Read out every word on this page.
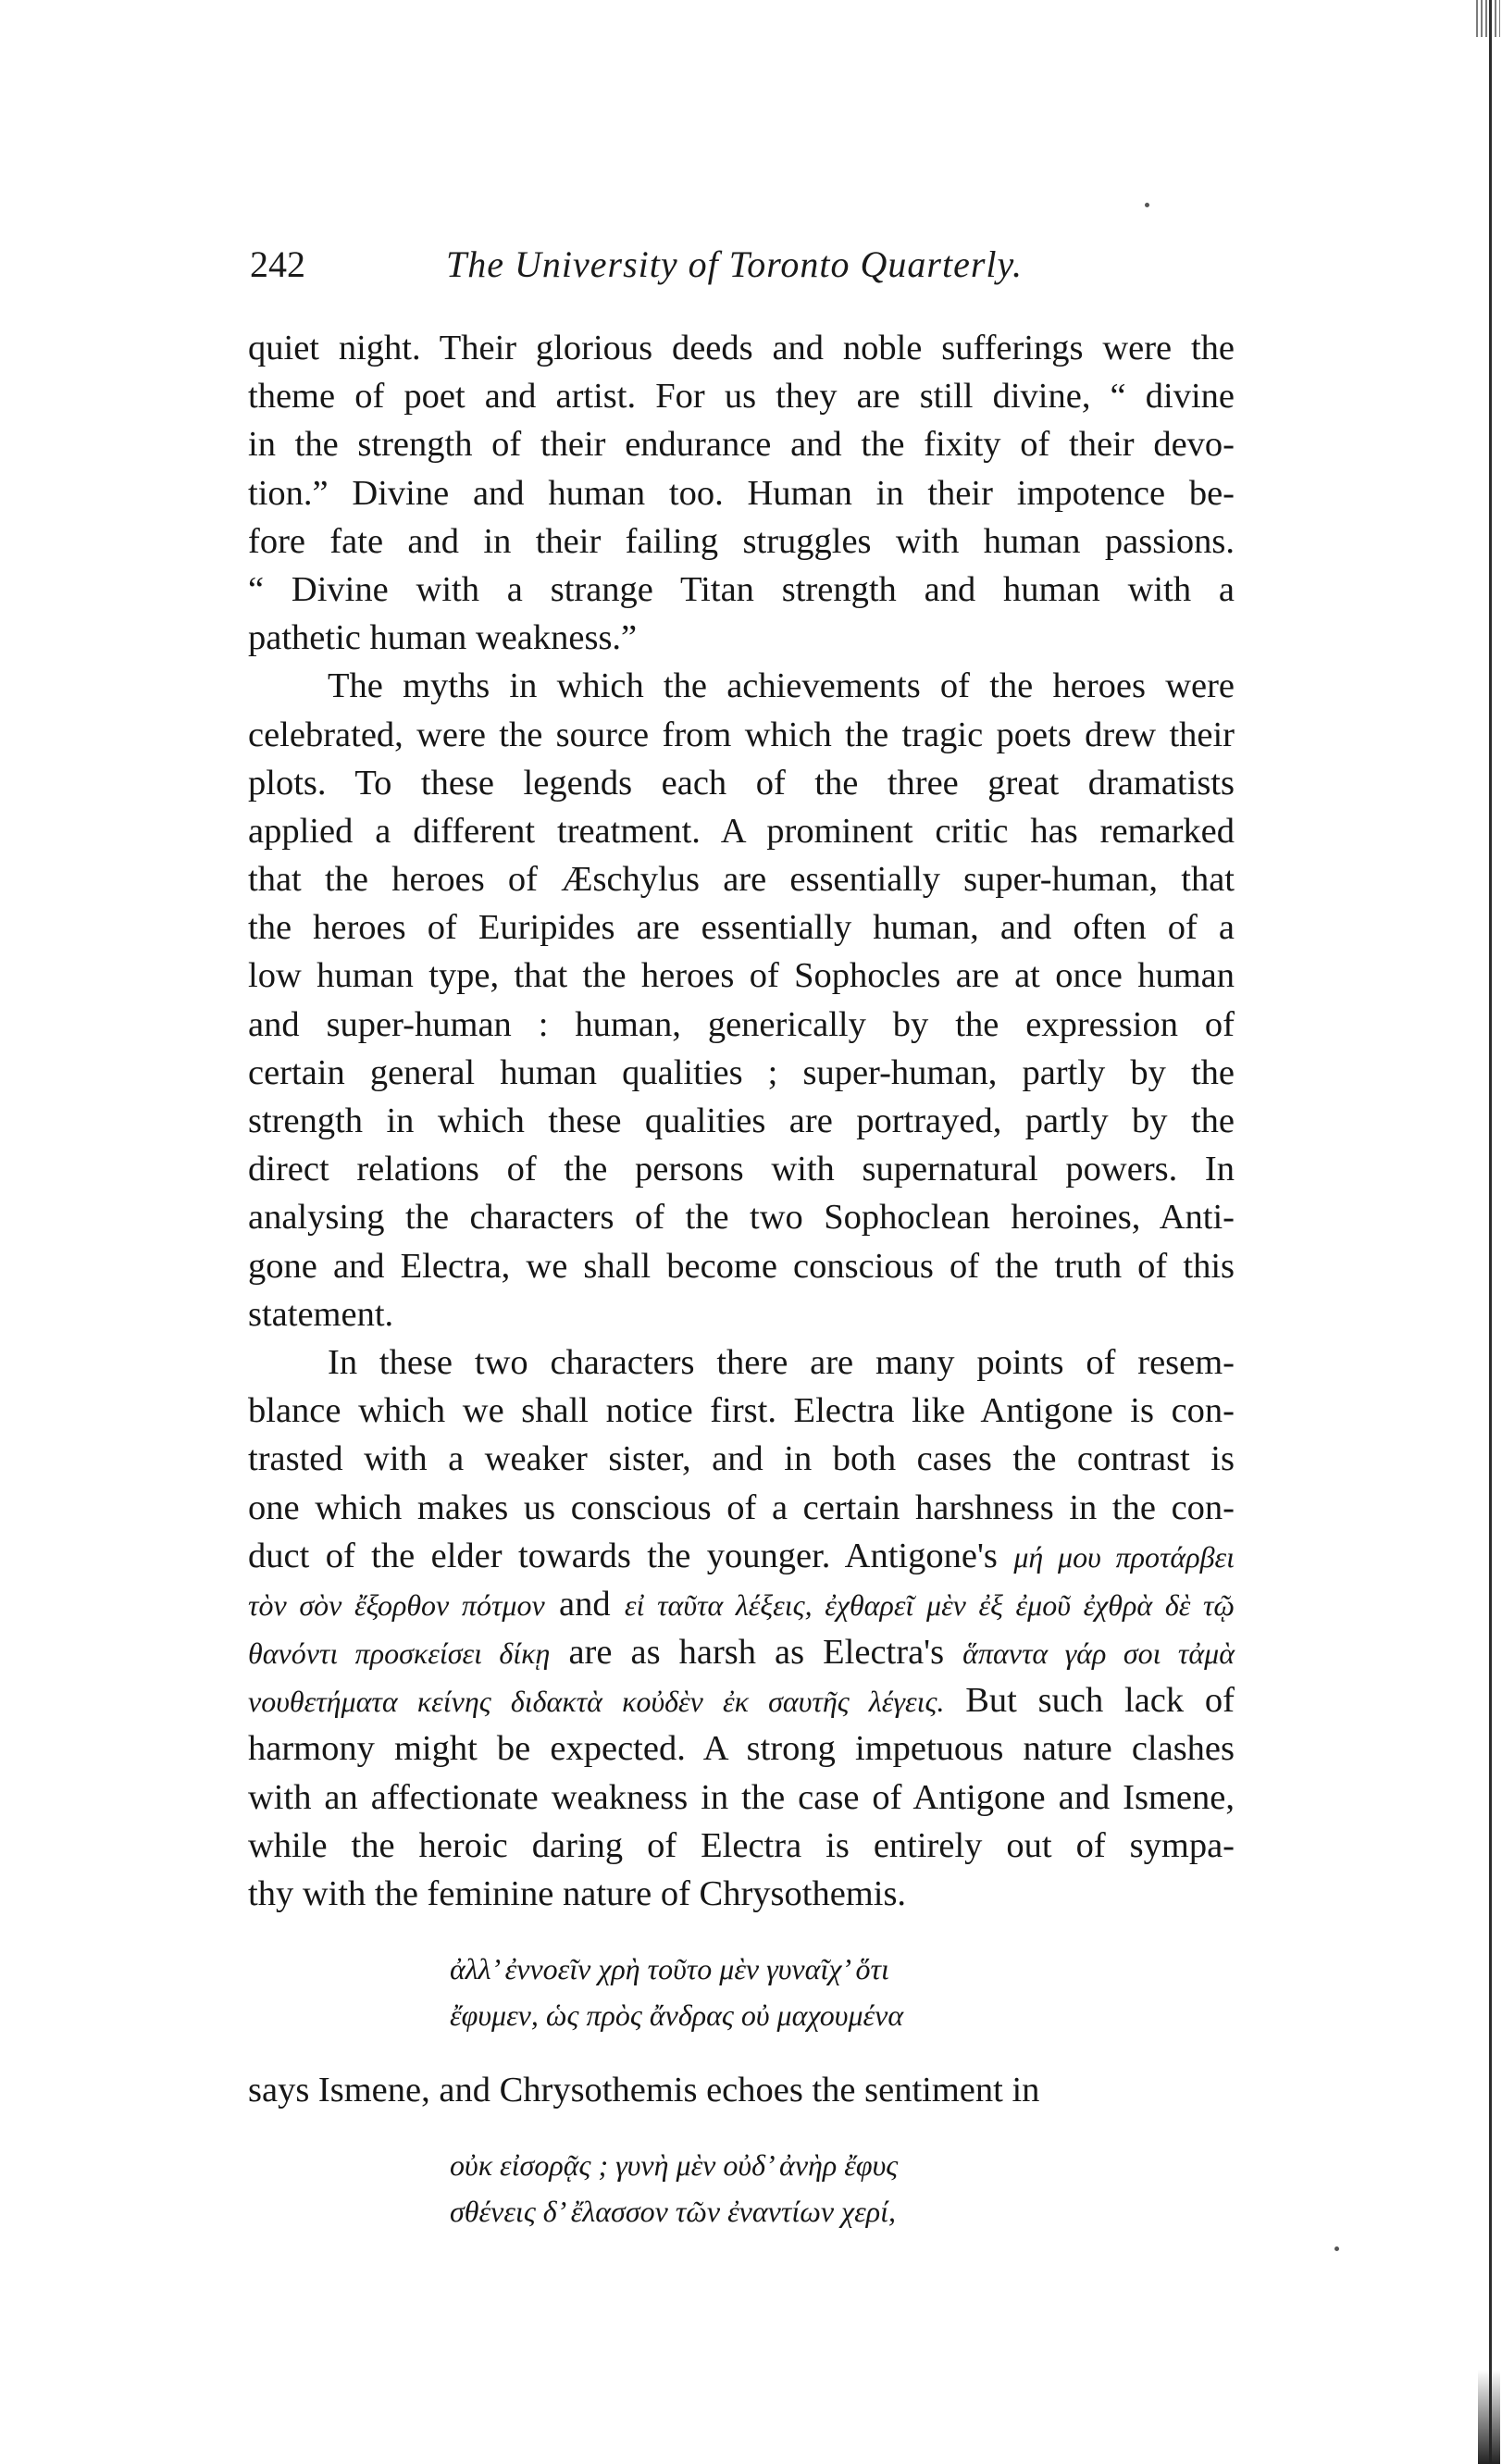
242	The University of Toronto Quarterly.
quiet night. Their glorious deeds and noble sufferings were the
theme of poet and artist. For us they are still divine, “ divine
in the strength of their endurance and the fixity of their devo-
tion.” Divine and human too. Human in their impotence be-
fore fate and in their failing struggles with human passions.
“ Divine with a strange Titan strength and human with a
pathetic human weakness.”
The myths in which the achievements of the heroes were
celebrated, were the source from which the tragic poets drew their
plots. To these legends each of the three great dramatists
applied a different treatment. A prominent critic has remarked
that the heroes of Æschylus are essentially super-human, that
the heroes of Euripides are essentially human, and often of a
low human type, that the heroes of Sophocles are at once human
and super-human : human, generically by the expression of
certain general human qualities ; super-human, partly by the
strength in which these qualities are portrayed, partly by the
direct relations of the persons with supernatural powers. In
analysing the characters of the two Sophoclean heroines, Anti-
gone and Electra, we shall become conscious of the truth of this
statement.
In these two characters there are many points of resem-
blance which we shall notice first. Electra like Antigone is con-
trasted with a weaker sister, and in both cases the contrast is
one which makes us conscious of a certain harshness in the con-
duct of the elder towards the younger. Antigone's μή μου προτάρβει
τὸν σὸν ἔξορθον πότμον and εἰ ταῦτα λέξεις, ἐχθαρεῖ μὲν ἐξ ἐμοῦ ἐχθρὰ δὲ τῷ
θανόντι προσκείσει δίκῃ are as harsh as Electra's ἅπαντα γάρ σοι τἀμὰ
νουθετήματα κείνης διδακτὰ κοὐδὲν ἐκ σαυτῆς λέγεις. But such lack of
harmony might be expected. A strong impetuous nature clashes
with an affectionate weakness in the case of Antigone and Ismene,
while the heroic daring of Electra is entirely out of sympa-
thy with the feminine nature of Chrysothemis.
ἀλλ’ ἐννοεῖν χρὴ τοῦτο μὲν γυναῖχ’ ὅτι
ἔφυμεν, ὡς πρὸς ἄνδρας οὐ μαχουμένα
says Ismene, and Chrysothemis echoes the sentiment in
οὐκ εἰσορᾷς ; γυνὴ μὲν οὐδ’ ἀνὴρ ἔφυς
σθένεις δ’ ἔλασσον τῶν ἐναντίων χερί,
